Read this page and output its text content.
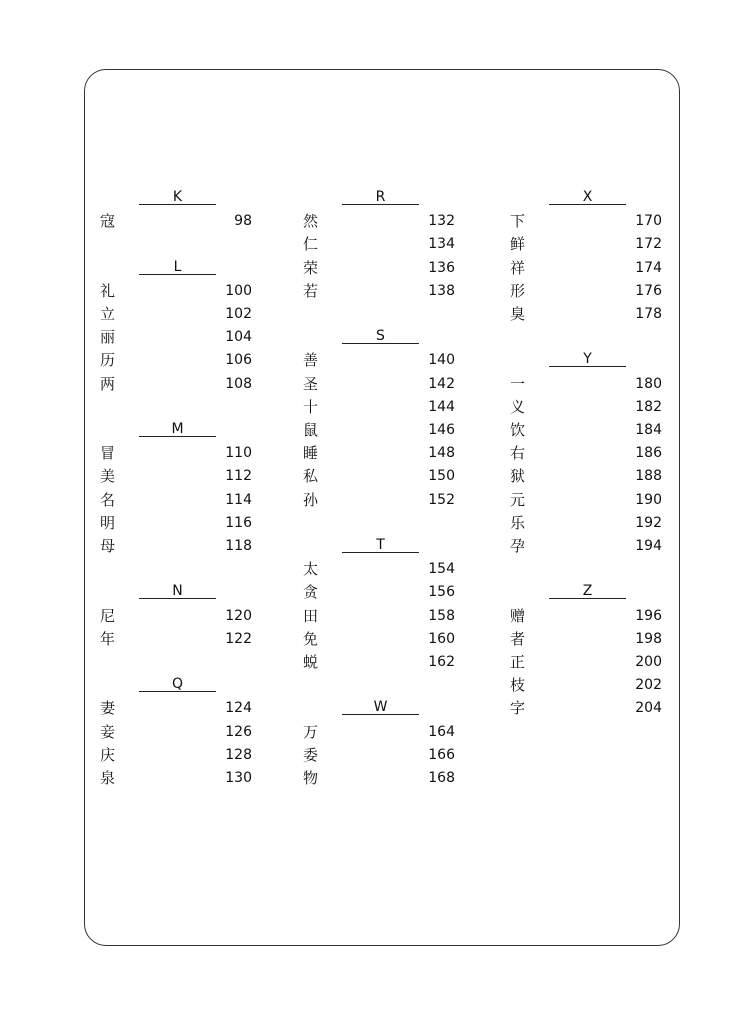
K
寇	98
L
礼	100
立	102
丽	104
历	106
两	108
M
冒	110
美	112
名	114
明	116
母	118
N
尼	120
年	122
Q
妻	124
妾	126
庆	128
泉	130
R
然	132
仁	134
荣	136
若	138
S
善	140
圣	142
十	144
鼠	146
睡	148
私	150
孙	152
T
太	154
贪	156
田	158
免	160
蜕	162
W
万	164
委	166
物	168
X
下	170
鲜	172
祥	174
形	176
臭	178
Y
一	180
义	182
饮	184
右	186
狱	188
元	190
乐	192
孕	194
Z
赠	196
者	198
正	200
枝	202
字	204
